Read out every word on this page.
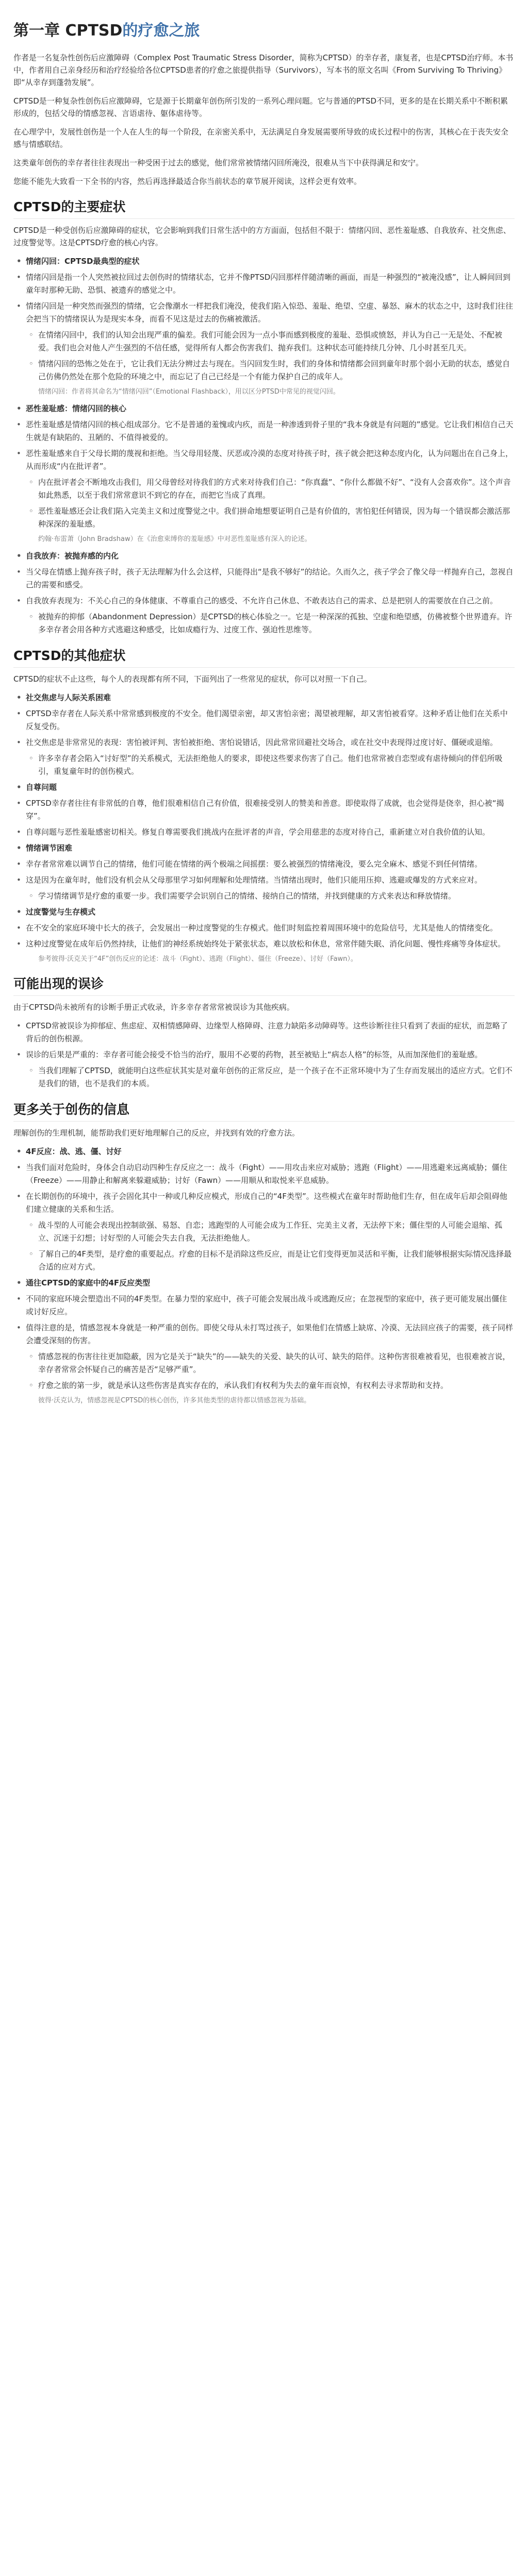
第一章 CPTSD的疗愈之旅

作者是一名复杂性创伤后应激障碍（Complex Post Traumatic Stress Disorder，简称为CPTSD）的幸存者，康复者，也是CPTSD治疗师。本书中，作者用自己亲身经历和治疗经验给各位CPTSD患者的疗愈之旅提供指导（Survivors），写本书的原文名叫《From Surviving To Thriving》即“从幸存到蓬勃发展”。

CPTSD是一种复杂性创伤后应激障碍，它是源于长期童年创伤所引发的一系列心理问题。它与普通的PTSD不同，更多的是在长期关系中不断积累形成的，包括父母的情感忽视、言语虐待、躯体虐待等。

在心理学中，发展性创伤是一个人在人生的每一个阶段，在亲密关系中，无法满足自身发展需要所导致的成长过程中的伤害，其核心在于丧失安全感与情感联结。

这类童年创伤的幸存者往往表现出一种受困于过去的感觉，他们常常被情绪闪回所淹没，很难从当下中获得满足和安宁。

您能不能先大致看一下全书的内容，然后再选择最适合你当前状态的章节展开阅读，这样会更有效率。

CPTSD的主要症状

CPTSD是一种受创伤后应激障碍的症状，它会影响到我们日常生活中的方方面面，包括但不限于：情绪闪回、恶性羞耻感、自我放弃、社交焦虑、过度警觉等。这是CPTSD疗愈的核心内容。

• 情绪闪回：CPTSD最典型的症状
• 情绪闪回是指一个人突然被拉回过去创伤时的情绪状态，它并不像PTSD闪回那样伴随清晰的画面，而是一种强烈的“被淹没感”，让人瞬间回到童年时那种无助、恐惧、被遗弃的感觉之中。
• 情绪闪回是一种突然而强烈的情绪，它会像潮水一样把我们淹没，使我们陷入惊恐、羞耻、绝望、空虚、暴怒、麻木的状态之中，这时我们往往会把当下的情绪误认为是现实本身，而看不见这是过去的伤痛被激活。
◦ 在情绪闪回中，我们的认知会出现严重的偏差。我们可能会因为一点小事而感到极度的羞耻、恐惧或愤怒，并认为自己一无是处、不配被爱。我们也会对他人产生强烈的不信任感，觉得所有人都会伤害我们、抛弃我们。这种状态可能持续几分钟、几小时甚至几天。
◦ 情绪闪回的恐怖之处在于，它让我们无法分辨过去与现在。当闪回发生时，我们的身体和情绪都会回到童年时那个弱小无助的状态，感觉自己仿佛仍然处在那个危险的环境之中，而忘记了自己已经是一个有能力保护自己的成年人。

情绪闪回：作者将其命名为“情绪闪回”（Emotional Flashback），用以区分PTSD中常见的视觉闪回。

• 恶性羞耻感：情绪闪回的核心
• 恶性羞耻感是情绪闪回的核心组成部分。它不是普通的羞愧或内疚，而是一种渗透到骨子里的“我本身就是有问题的”感觉。它让我们相信自己天生就是有缺陷的、丑陋的、不值得被爱的。
• 恶性羞耻感来自于父母长期的蔑视和拒绝。当父母用轻蔑、厌恶或冷漠的态度对待孩子时，孩子就会把这种态度内化，认为问题出在自己身上，从而形成“内在批评者”。
◦ 内在批评者会不断地攻击我们，用父母曾经对待我们的方式来对待我们自己：“你真蠢”、“你什么都做不好”、“没有人会喜欢你”。这个声音如此熟悉，以至于我们常常意识不到它的存在，而把它当成了真理。
◦ 恶性羞耻感还会让我们陷入完美主义和过度警觉之中。我们拼命地想要证明自己是有价值的，害怕犯任何错误，因为每一个错误都会激活那种深深的羞耻感。

约翰·布雷萧（John Bradshaw）在《治愈束缚你的羞耻感》中对恶性羞耻感有深入的论述。

• 自我放弃：被抛弃感的内化
• 当父母在情感上抛弃孩子时，孩子无法理解为什么会这样，只能得出“是我不够好”的结论。久而久之，孩子学会了像父母一样抛弃自己，忽视自己的需要和感受。
• 自我放弃表现为：不关心自己的身体健康、不尊重自己的感受、不允许自己休息、不敢表达自己的需求、总是把别人的需要放在自己之前。
◦ 被抛弃的抑郁（Abandonment Depression）是CPTSD的核心体验之一。它是一种深深的孤独、空虚和绝望感，仿佛被整个世界遗弃。许多幸存者会用各种方式逃避这种感受，比如成瘾行为、过度工作、强迫性思维等。
CPTSD的其他症状

CPTSD的症状不止这些，每个人的表现都有所不同，下面列出了一些常见的症状，你可以对照一下自己。

• 社交焦虑与人际关系困难
• CPTSD幸存者在人际关系中常常感到极度的不安全。他们渴望亲密，却又害怕亲密；渴望被理解，却又害怕被看穿。这种矛盾让他们在关系中反复受伤。
• 社交焦虑是非常常见的表现：害怕被评判、害怕被拒绝、害怕说错话，因此常常回避社交场合，或在社交中表现得过度讨好、僵硬或退缩。
◦ 许多幸存者会陷入“讨好型”的关系模式，无法拒绝他人的要求，即使这些要求伤害了自己。他们也常常被自恋型或有虐待倾向的伴侣所吸引，重复童年时的创伤模式。
• 自尊问题
• CPTSD幸存者往往有非常低的自尊，他们很难相信自己有价值，很难接受别人的赞美和善意。即使取得了成就，也会觉得是侥幸，担心被“揭穿”。
• 自尊问题与恶性羞耻感密切相关。修复自尊需要我们挑战内在批评者的声音，学会用慈悲的态度对待自己，重新建立对自我价值的认知。
• 情绪调节困难
• 幸存者常常难以调节自己的情绪，他们可能在情绪的两个极端之间摇摆：要么被强烈的情绪淹没，要么完全麻木、感觉不到任何情绪。
• 这是因为在童年时，他们没有机会从父母那里学习如何理解和处理情绪。当情绪出现时，他们只能用压抑、逃避或爆发的方式来应对。
◦ 学习情绪调节是疗愈的重要一步。我们需要学会识别自己的情绪、接纳自己的情绪，并找到健康的方式来表达和释放情绪。
• 过度警觉与生存模式
• 在不安全的家庭环境中长大的孩子，会发展出一种过度警觉的生存模式。他们时刻监控着周围环境中的危险信号，尤其是他人的情绪变化。
• 这种过度警觉在成年后仍然持续，让他们的神经系统始终处于紧张状态，难以放松和休息，常常伴随失眠、消化问题、慢性疼痛等身体症状。

参考彼得·沃克关于“4F”创伤反应的论述：战斗（Fight）、逃跑（Flight）、僵住（Freeze）、讨好（Fawn）。

可能出现的误诊

由于CPTSD尚未被所有的诊断手册正式收录，许多幸存者常常被误诊为其他疾病。

• CPTSD常被误诊为抑郁症、焦虑症、双相情感障碍、边缘型人格障碍、注意力缺陷多动障碍等。这些诊断往往只看到了表面的症状，而忽略了背后的创伤根源。
• 误诊的后果是严重的：幸存者可能会接受不恰当的治疗，服用不必要的药物，甚至被贴上“病态人格”的标签，从而加深他们的羞耻感。
◦ 当我们理解了CPTSD，就能明白这些症状其实是对童年创伤的正常反应，是一个孩子在不正常环境中为了生存而发展出的适应方式。它们不是我们的错，也不是我们的本质。
更多关于创伤的信息

理解创伤的生理机制，能帮助我们更好地理解自己的反应，并找到有效的疗愈方法。

• 4F反应：战、逃、僵、讨好
• 当我们面对危险时，身体会自动启动四种生存反应之一：战斗（Fight）——用攻击来应对威胁；逃跑（Flight）——用逃避来远离威胁；僵住（Freeze）——用静止和解离来躲避威胁；讨好（Fawn）——用顺从和取悦来平息威胁。
• 在长期创伤的环境中，孩子会固化其中一种或几种反应模式，形成自己的“4F类型”。这些模式在童年时帮助他们生存，但在成年后却会阻碍他们建立健康的关系和生活。
◦ 战斗型的人可能会表现出控制欲强、易怒、自恋；逃跑型的人可能会成为工作狂、完美主义者，无法停下来；僵住型的人可能会退缩、孤立、沉迷于幻想；讨好型的人可能会失去自我，无法拒绝他人。
◦ 了解自己的4F类型，是疗愈的重要起点。疗愈的目标不是消除这些反应，而是让它们变得更加灵活和平衡，让我们能够根据实际情况选择最合适的应对方式。
• 通往CPTSD的家庭中的4F反应类型
• 不同的家庭环境会塑造出不同的4F类型。在暴力型的家庭中，孩子可能会发展出战斗或逃跑反应；在忽视型的家庭中，孩子更可能发展出僵住或讨好反应。
• 值得注意的是，情感忽视本身就是一种严重的创伤。即使父母从未打骂过孩子，如果他们在情感上缺席、冷漠、无法回应孩子的需要，孩子同样会遭受深刻的伤害。
◦ 情感忽视的伤害往往更加隐蔽，因为它是关于“缺失”的——缺失的关爱、缺失的认可、缺失的陪伴。这种伤害很难被看见，也很难被言说，幸存者常常会怀疑自己的痛苦是否“足够严重”。
◦ 疗愈之旅的第一步，就是承认这些伤害是真实存在的，承认我们有权利为失去的童年而哀悼，有权利去寻求帮助和支持。

彼得·沃克认为，情感忽视是CPTSD的核心创伤，许多其他类型的虐待都以情感忽视为基础。
